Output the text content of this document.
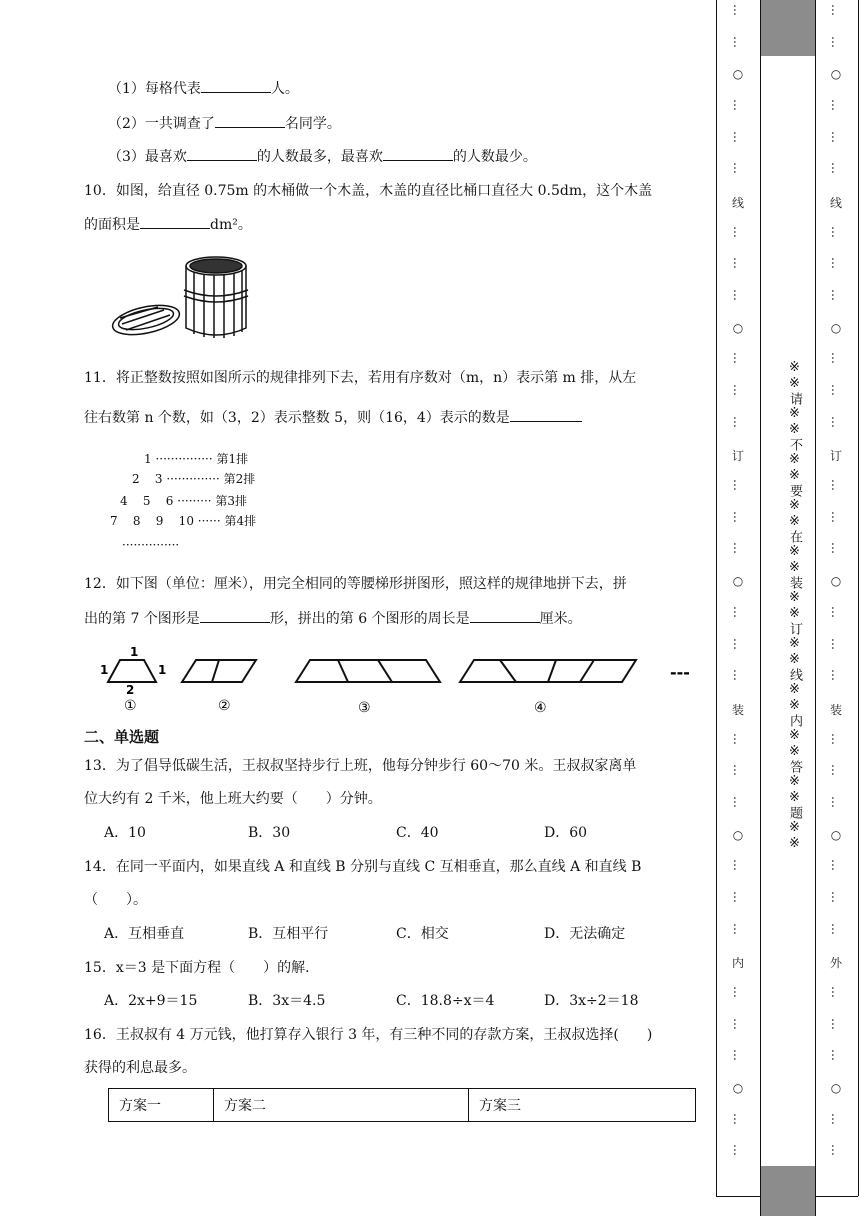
（1）每格代表	人。
（2）一共调查了	名同学。
（3）最喜欢	的人数最多，最喜欢	的人数最少。
10．如图，给直径 0.75m 的木桶做一个木盖，木盖的直径比桶口直径大 0.5dm，这个木盖
的面积是	dm²。
11．将正整数按照如图所示的规律排列下去，若用有序数对（m，n）表示第 m 排，从左
往右数第 n 个数，如（3，2）表示整数 5，则（16，4）表示的数是
1 ··············· 第1排
2    3 ·············· 第2排
4    5    6 ········· 第3排
7    8    9    10 ······ 第4排
···············
12．如下图（单位：厘米），用完全相同的等腰梯形拼图形，照这样的规律地拼下去，拼
出的第 7 个图形是	形，拼出的第 6 个图形的周长是	厘米。
1
1	1
2
①	②	③	④
---
二、单选题
13．为了倡导低碳生活，王叔叔坚持步行上班，他每分钟步行 60～70 米。王叔叔家离单
位大约有 2 千米，他上班大约要（　　）分钟。
A．10	B．30	C．40	D．60
14．在同一平面内，如果直线 A 和直线 B 分别与直线 C 互相垂直，那么直线 A 和直线 B
（　　）。
A．互相垂直	B．互相平行	C．相交	D．无法确定
15．x＝3 是下面方程（　　）的解.
A．2x+9＝15	B．3x＝4.5	C．18.8÷x＝4	D．3x÷2＝18
16．王叔叔有 4 万元钱，他打算存入银行 3 年，有三种不同的存款方案，王叔叔选择(　　)
获得的利息最多。
方案一	方案二	方案三
※※请※※不※※要※※在※※装※※订※※线※※内※※答※※题※※
…
…
○
…
…
…
线
…
…
…
○
…
…
…
订
…
…
…
○
…
…
…
装
…
…
…
○
…
…
…
内
…
…
…
○
…
…
…
…
○
…
…
…
线
…
…
…
○
…
…
…
订
…
…
…
○
…
…
…
装
…
…
…
○
…
…
…
外
…
…
…
○
…
…
